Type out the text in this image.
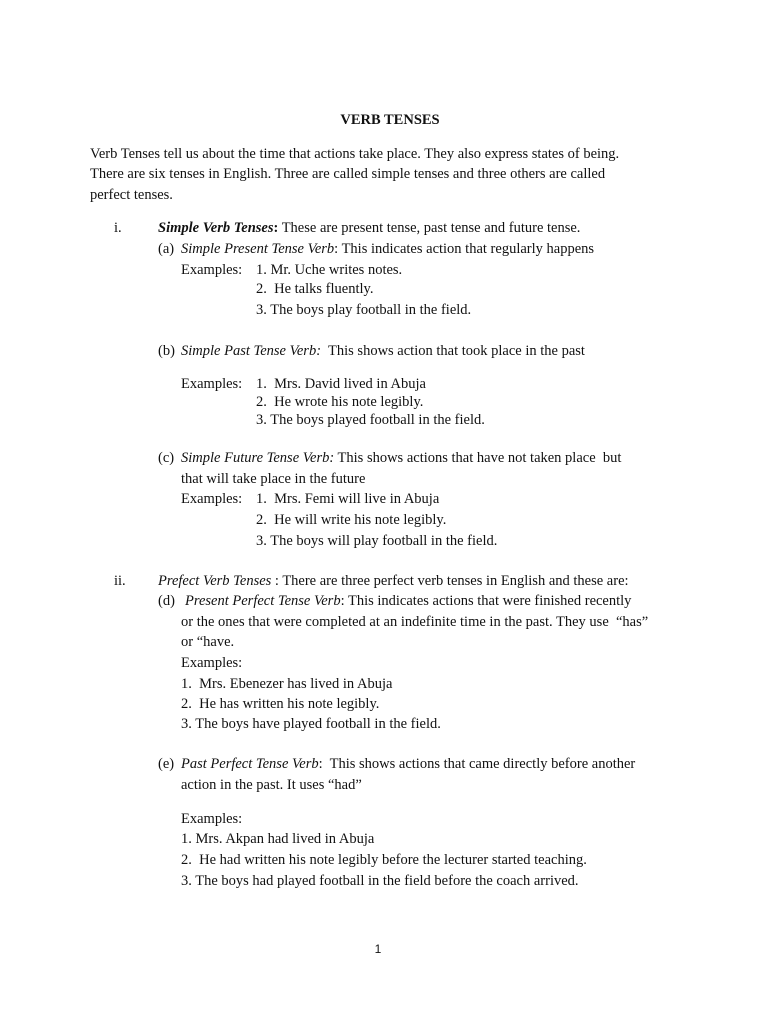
VERB TENSES
Verb Tenses tell us about the time that actions take place. They also express states of being.
There are six tenses in English. Three are called simple tenses and three others are called
perfect tenses.
i.	Simple Verb Tenses: These are present tense, past tense and future tense.
(a) Simple Present Tense Verb: This indicates action that regularly happens
Examples: 1. Mr. Uche writes notes.
2.  He talks fluently.
3. The boys play football in the field.
(b) Simple Past Tense Verb:  This shows action that took place in the past
Examples: 1.  Mrs. David lived in Abuja
2.  He wrote his note legibly.
3. The boys played football in the field.
(c) Simple Future Tense Verb: This shows actions that have not taken place  but
that will take place in the future
Examples: 1.  Mrs. Femi will live in Abuja
2.  He will write his note legibly.
3. The boys will play football in the field.
ii. Prefect Verb Tenses : There are three perfect verb tenses in English and these are:
(d) Present Perfect Tense Verb: This indicates actions that were finished recently
or the ones that were completed at an indefinite time in the past. They use  “has”
or “have.
Examples:
1.  Mrs. Ebenezer has lived in Abuja
2.  He has written his note legibly.
3. The boys have played football in the field.
(e) Past Perfect Tense Verb:  This shows actions that came directly before another
action in the past. It uses “had”
Examples:
1. Mrs. Akpan had lived in Abuja
2.  He had written his note legibly before the lecturer started teaching.
3. The boys had played football in the field before the coach arrived.
1
